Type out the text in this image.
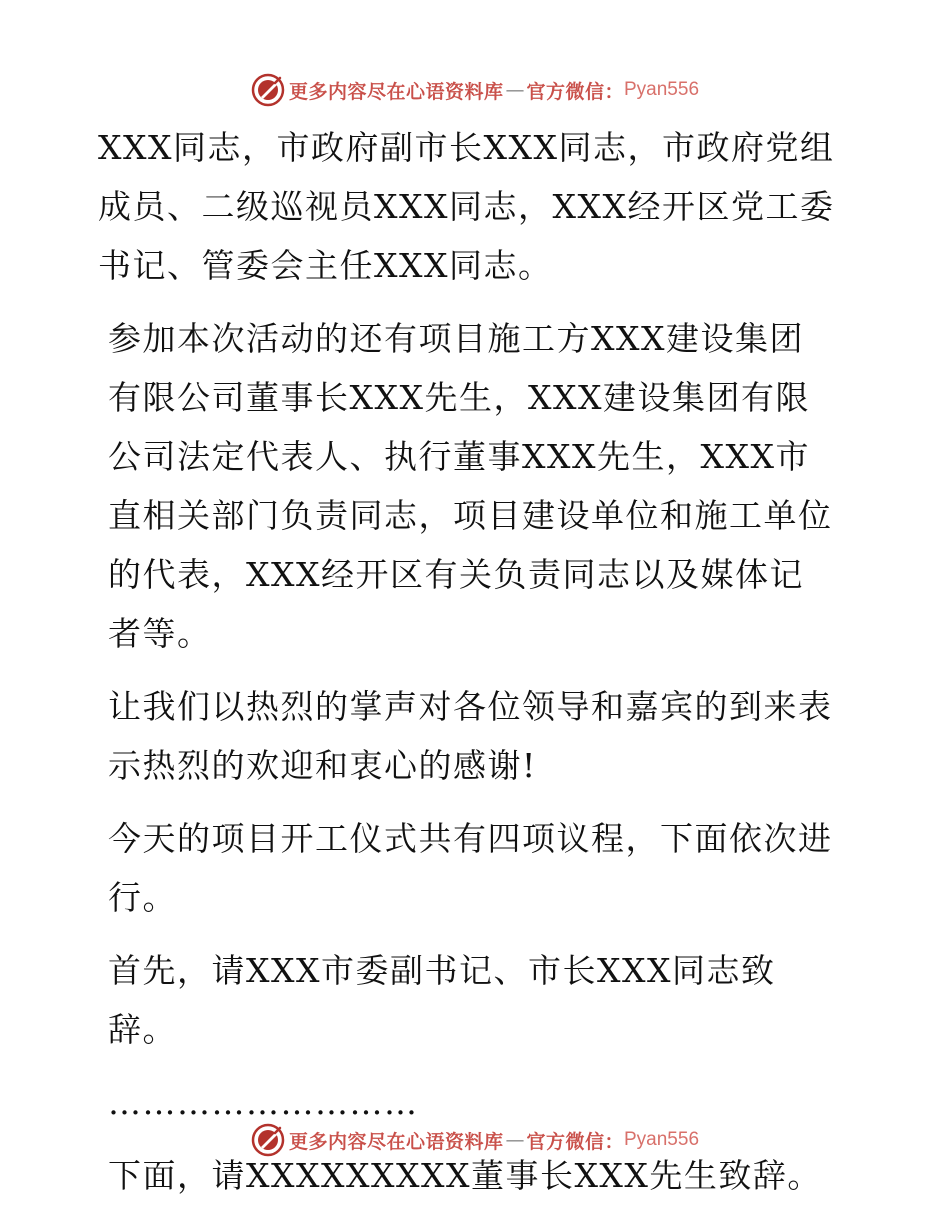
更多内容尽在心语资料库 — 官方微信： Pyan556

XXX同志，市政府副市长XXX同志，市政府党组成员、二级巡视员XXX同志，XXX经开区党工委书记、管委会主任XXX同志。

参加本次活动的还有项目施工方XXX建设集团有限公司董事长XXX先生，XXX建设集团有限公司法定代表人、执行董事XXX先生，XXX市直相关部门负责同志，项目建设单位和施工单位的代表，XXX经开区有关负责同志以及媒体记者等。

让我们以热烈的掌声对各位领导和嘉宾的到来表示热烈的欢迎和衷心的感谢!

今天的项目开工仪式共有四项议程，下面依次进行。

首先，请XXX市委副书记、市长XXX同志致辞。

………………………

下面，请XXXXXXXXX董事长XXX先生致辞。

更多内容尽在心语资料库 — 官方微信： Pyan556
